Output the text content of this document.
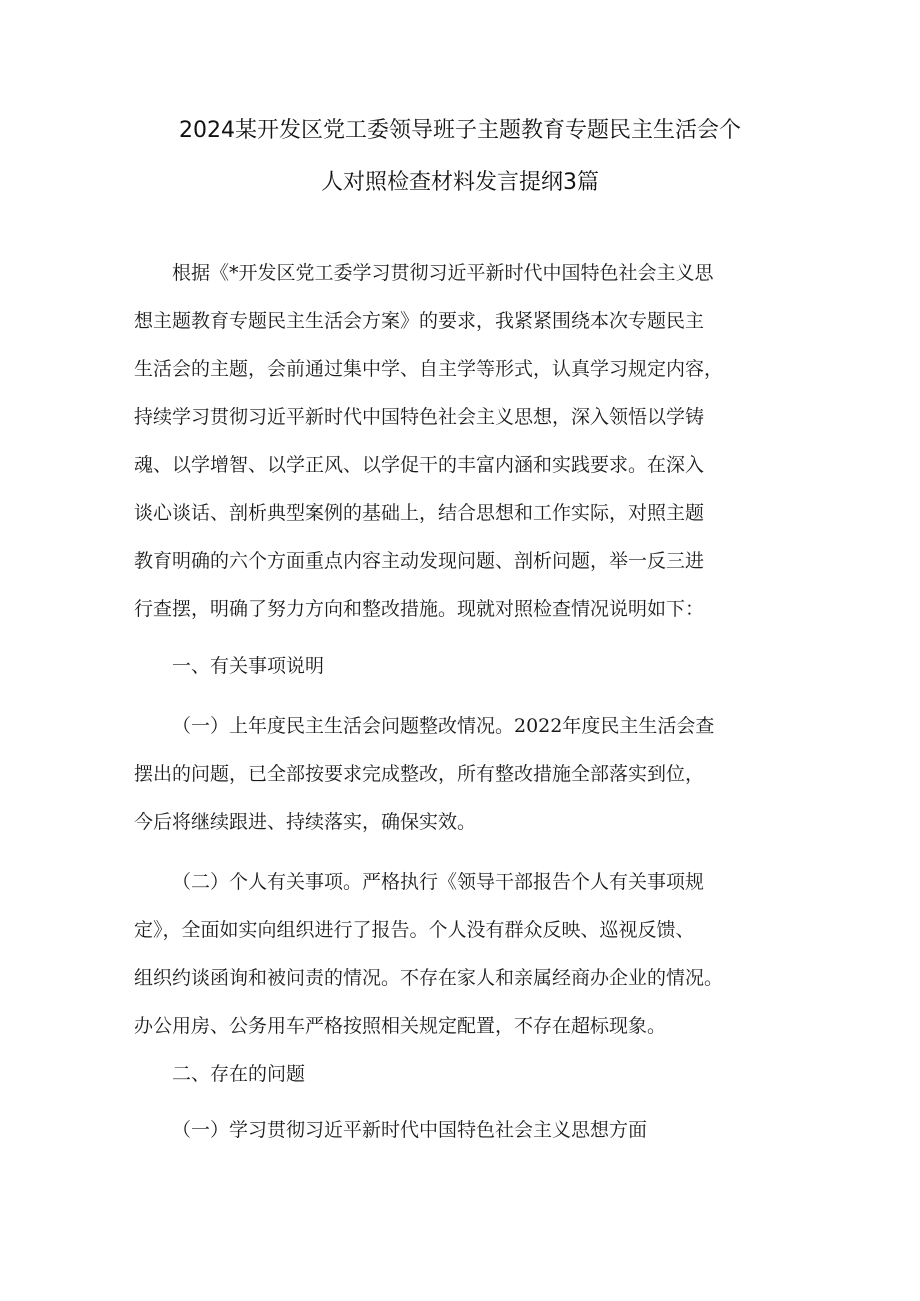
2024某开发区党工委领导班子主题教育专题民主生活会个
人对照检查材料发言提纲3篇
根据《*开发区党工委学习贯彻习近平新时代中国特色社会主义思
想主题教育专题民主生活会方案》的要求，我紧紧围绕本次专题民主
生活会的主题，会前通过集中学、自主学等形式，认真学习规定内容，
持续学习贯彻习近平新时代中国特色社会主义思想，深入领悟以学铸
魂、以学增智、以学正风、以学促干的丰富内涵和实践要求。在深入
谈心谈话、剖析典型案例的基础上，结合思想和工作实际，对照主题
教育明确的六个方面重点内容主动发现问题、剖析问题，举一反三进
行查摆，明确了努力方向和整改措施。现就对照检查情况说明如下：
一、有关事项说明
（一）上年度民主生活会问题整改情况。2022年度民主生活会查
摆出的问题，已全部按要求完成整改，所有整改措施全部落实到位，
今后将继续跟进、持续落实，确保实效。
（二）个人有关事项。严格执行《领导干部报告个人有关事项规
定》，全面如实向组织进行了报告。个人没有群众反映、巡视反馈、
组织约谈函询和被问责的情况。不存在家人和亲属经商办企业的情况。
办公用房、公务用车严格按照相关规定配置，不存在超标现象。
二、存在的问题
（一）学习贯彻习近平新时代中国特色社会主义思想方面
